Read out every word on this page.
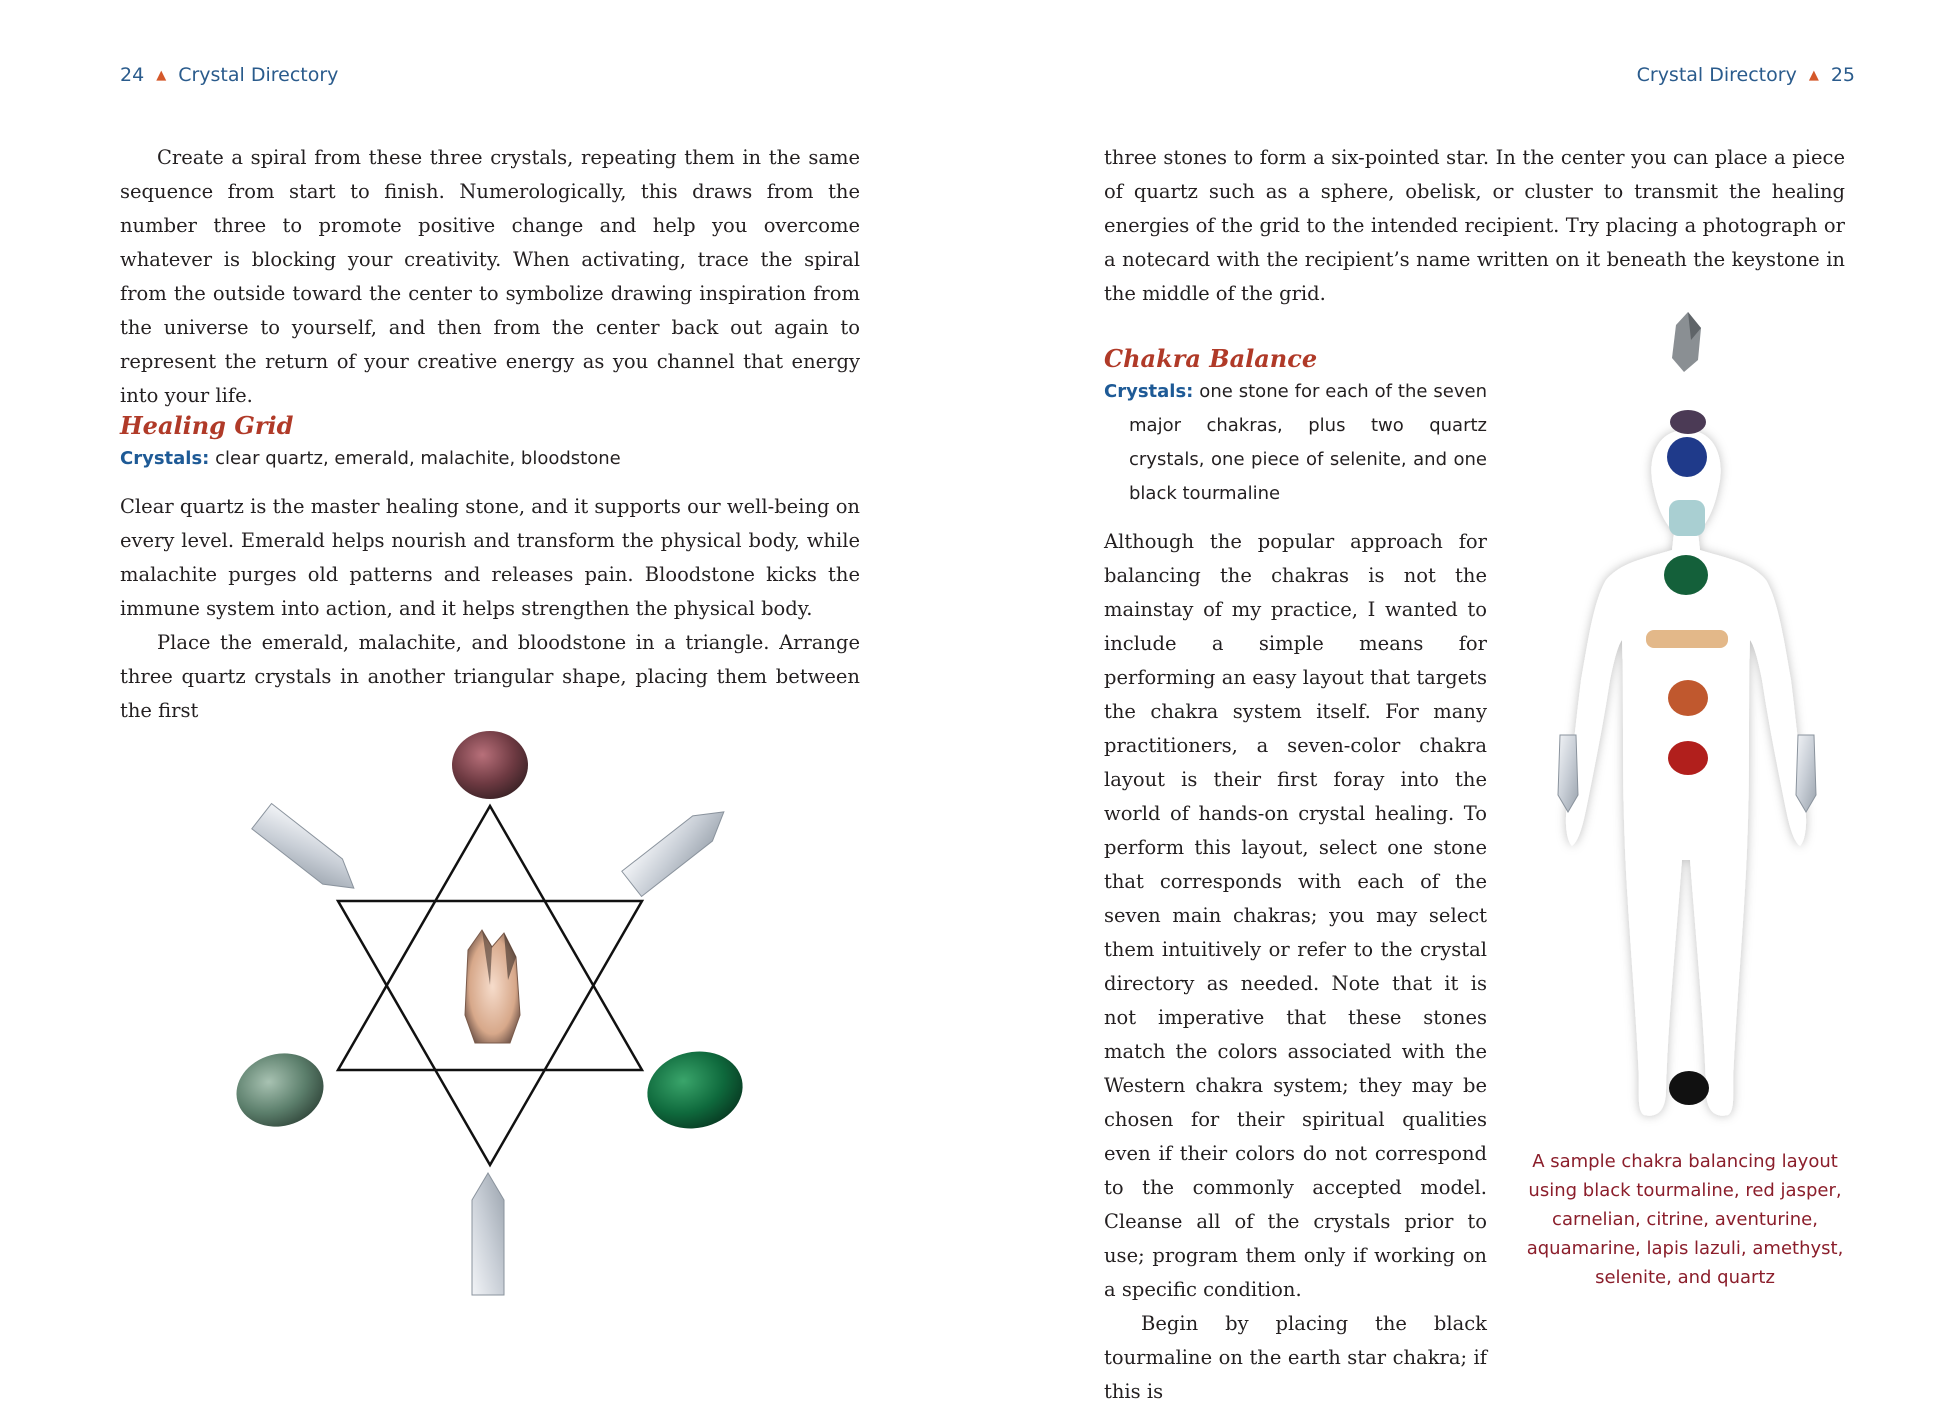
24 ▲ Crystal Directory

Create a spiral from these three crystals, repeating them in the same sequence from start to finish. Numerologically, this draws from the number three to promote positive change and help you overcome whatever is blocking your creativity. When activating, trace the spiral from the outside toward the center to symbolize drawing inspiration from the universe to yourself, and then from the center back out again to represent the return of your creative energy as you channel that energy into your life.

Healing Grid
Crystals: clear quartz, emerald, malachite, bloodstone

Clear quartz is the master healing stone, and it supports our well-being on every level. Emerald helps nourish and transform the physical body, while malachite purges old patterns and releases pain. Bloodstone kicks the immune system into action, and it helps strengthen the physical body.

Place the emerald, malachite, and bloodstone in a triangle. Arrange three quartz crystals in another triangular shape, placing them between the first

Crystal Directory ▲ 25

three stones to form a six-pointed star. In the center you can place a piece of quartz such as a sphere, obelisk, or cluster to transmit the healing energies of the grid to the intended recipient. Try placing a photograph or a notecard with the recipient’s name written on it beneath the keystone in the middle of the grid.

Chakra Balance
Crystals: one stone for each of the seven major chakras, plus two quartz crystals, one piece of selenite, and one black tourmaline

Although the popular approach for balancing the chakras is not the mainstay of my practice, I wanted to include a simple means for performing an easy layout that targets the chakra system itself. For many practitioners, a seven-color chakra layout is their first foray into the world of hands-on crystal healing. To perform this layout, select one stone that corresponds with each of the seven main chakras; you may select them intuitively or refer to the crystal directory as needed. Note that it is not imperative that these stones match the colors associated with the Western chakra system; they may be chosen for their spiritual qualities even if their colors do not correspond to the commonly accepted model. Cleanse all of the crystals prior to use; program them only if working on a specific condition.

Begin by placing the black tourmaline on the earth star chakra; if this is

A sample chakra balancing layout using black tourmaline, red jasper, carnelian, citrine, aventurine, aquamarine, lapis lazuli, amethyst, selenite, and quartz
